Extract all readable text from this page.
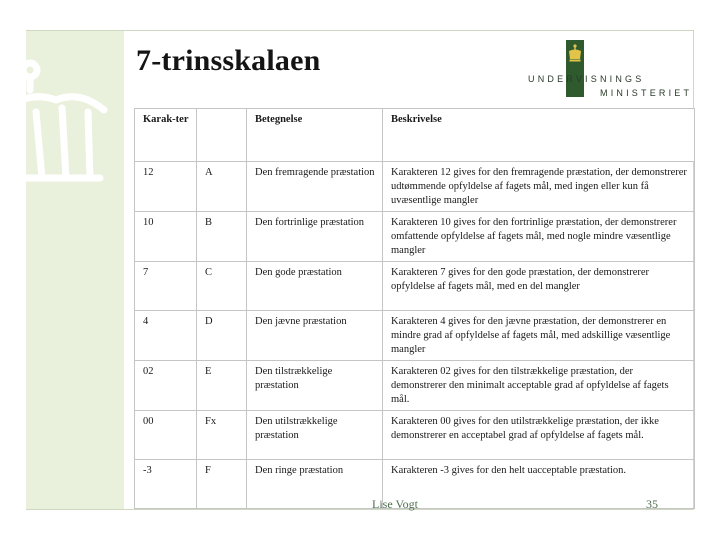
7-trinsskalaen
UNDERVISNINGS
MINISTERIET
Karak-ter		Betegnelse	Beskrivelse
12	A	Den fremragende præstation	Karakteren 12 gives for den fremragende præstation, der demonstrerer udtømmende opfyldelse af fagets mål, med ingen eller kun få uvæsentlige mangler
10	B	Den fortrinlige præstation	Karakteren 10 gives for den fortrinlige præstation, der demonstrerer omfattende opfyldelse af fagets mål, med nogle mindre væsentlige mangler
7	C	Den gode præstation	Karakteren 7 gives for den gode præstation, der demonstrerer opfyldelse af fagets mål, med en del mangler
4	D	Den jævne præstation	Karakteren 4 gives for den jævne præstation, der demonstrerer en mindre grad af opfyldelse af fagets mål, med adskillige væsentlige mangler
02	E	Den tilstrækkelige præstation	Karakteren 02 gives for den tilstrækkelige præstation, der demonstrerer den minimalt acceptable grad af opfyldelse af fagets mål.
00	Fx	Den utilstrækkelige præstation	Karakteren 00 gives for den utilstrækkelige præstation, der ikke demonstrerer en acceptabel grad af opfyldelse af fagets mål.
-3	F	Den ringe præstation	Karakteren -3 gives for den helt uacceptable præstation.
Lise Vogt	35
